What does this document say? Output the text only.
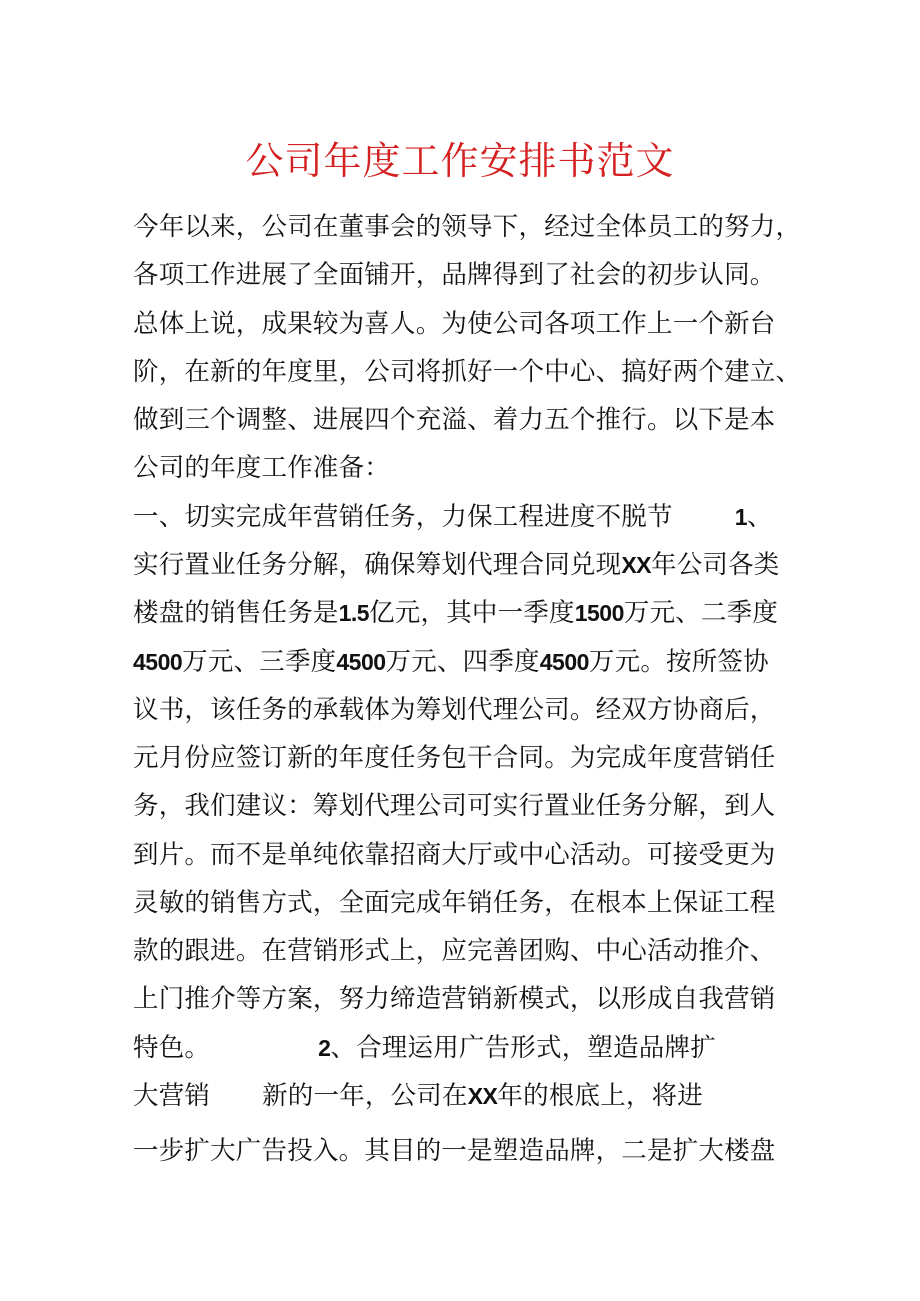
公司年度工作安排书范文
今年以来，公司在董事会的领导下，经过全体员工的努力，
各项工作进展了全面铺开，品牌得到了社会的初步认同。
总体上说，成果较为喜人。为使公司各项工作上一个新台
阶，在新的年度里，公司将抓好一个中心、搞好两个建立、
做到三个调整、进展四个充溢、着力五个推行。以下是本
公司的年度工作准备：
一、切实完成年营销任务，力保工程进度不脱节	1、
实行置业任务分解，确保筹划代理合同兑现XX年公司各类
楼盘的销售任务是1.5亿元，其中一季度1500万元、二季度
4500万元、三季度4500万元、四季度4500万元。按所签协
议书，该任务的承载体为筹划代理公司。经双方协商后，
元月份应签订新的年度任务包干合同。为完成年度营销任
务，我们建议：筹划代理公司可实行置业任务分解，到人
到片。而不是单纯依靠招商大厅或中心活动。可接受更为
灵敏的销售方式，全面完成年销任务，在根本上保证工程
款的跟进。在营销形式上，应完善团购、中心活动推介、
上门推介等方案，努力缔造营销新模式，以形成自我营销
特色。	2、合理运用广告形式，塑造品牌扩
大营销 新的一年，公司在XX年的根底上，将进
一步扩大广告投入。其目的一是塑造品牌，二是扩大楼盘
